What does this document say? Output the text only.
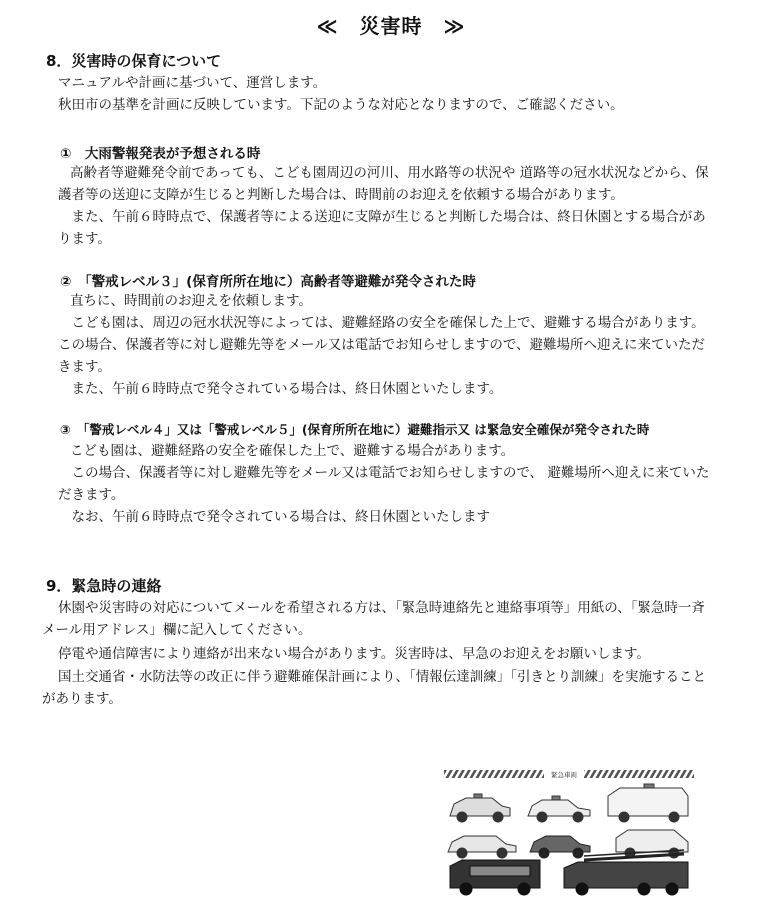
≪　災害時　≫
8．災害時の保育について
マニュアルや計画に基づいて、運営します。
秋田市の基準を計画に反映しています。下記のような対応となりますので、ご確認ください。
①　大雨警報発表が予想される時
高齢者等避難発令前であっても、こども園周辺の河川、用水路等の状況や 道路等の冠水状況などから、保
護者等の送迎に支障が生じると判断した場合は、時間前のお迎えを依頼する場合があります。
　また、午前６時時点で、保護者等による送迎に支障が生じると判断した場合は、終日休園とする場合があ
ります。
②　「警戒レベル３」(保育所所在地に）高齢者等避難が発令された時
直ちに、時間前のお迎えを依頼します。
　こども園は、周辺の冠水状況等によっては、避難経路の安全を確保した上で、避難する場合があります。
この場合、保護者等に対し避難先等をメール又は電話でお知らせしますので、避難場所へ迎えに来ていただ
きます。
　また、午前６時時点で発令されている場合は、終日休園といたします。
③　「警戒レベル４」又は「警戒レベル５」(保育所所在地に）避難指示又 は緊急安全確保が発令された時
こども園は、避難経路の安全を確保した上で、避難する場合があります。
　この場合、保護者等に対し避難先等をメール又は電話でお知らせしますので、 避難場所へ迎えに来ていた
だきます。
　なお、午前６時時点で発令されている場合は、終日休園といたします
9．緊急時の連絡
休園や災害時の対応についてメールを希望される方は、「緊急時連絡先と連絡事項等」用紙の、「緊急時一斉
メール用アドレス」欄に記入してください。
停電や通信障害により連絡が出来ない場合があります。災害時は、早急のお迎えをお願いします。
国土交通省・水防法等の改正に伴う避難確保計画により、「情報伝達訓練」「引きとり訓練」を実施すること
があります。
緊急車両
